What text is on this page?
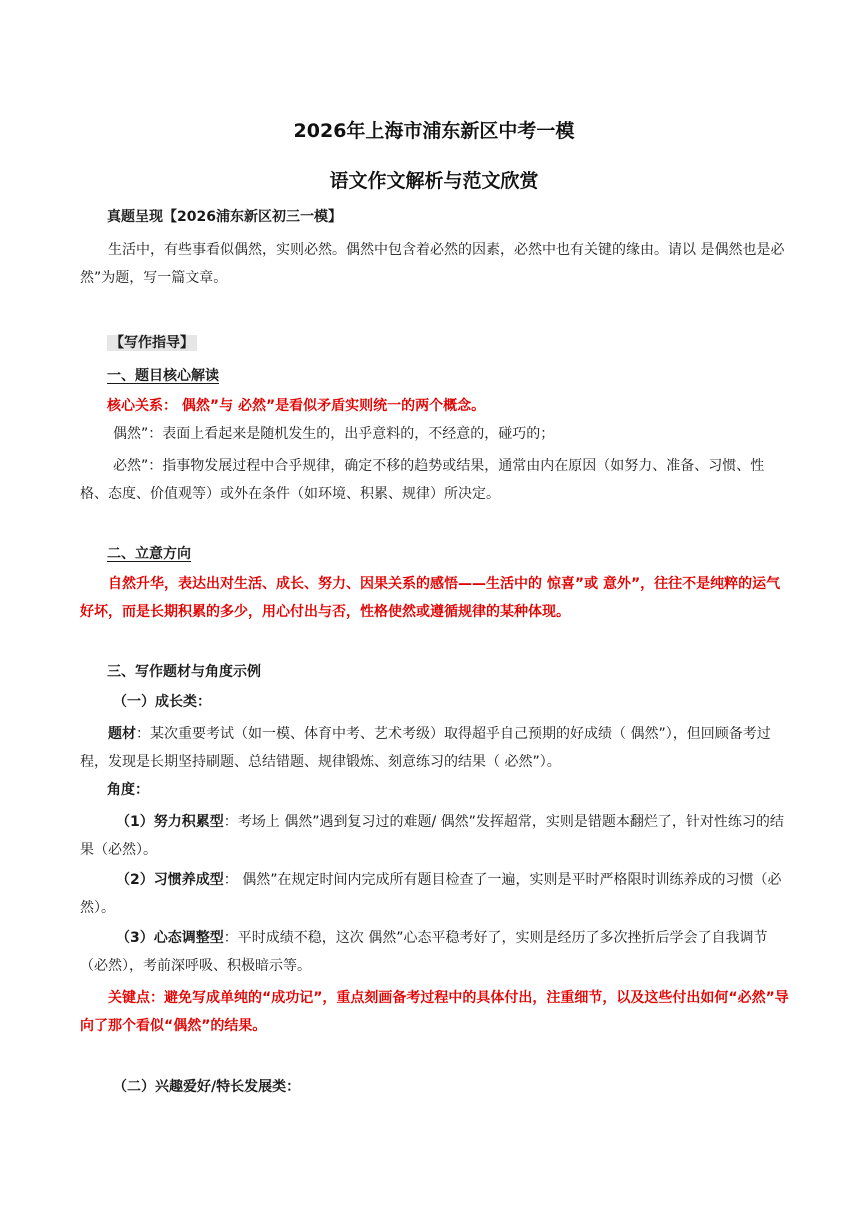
2026年上海市浦东新区中考一模
语文作文解析与范文欣赏
真题呈现【2026浦东新区初三一模】
生活中，有些事看似偶然，实则必然。偶然中包含着必然的因素，必然中也有关键的缘由。请以 是偶然也是必然”为题，写一篇文章。
【写作指导】
一、题目核心解读
核心关系： 偶然”与 必然”是看似矛盾实则统一的两个概念。
偶然”：表面上看起来是随机发生的，出乎意料的，不经意的，碰巧的；
必然”：指事物发展过程中合乎规律，确定不移的趋势或结果，通常由内在原因（如努力、准备、习惯、性格、态度、价值观等）或外在条件（如环境、积累、规律）所决定。
二、立意方向
自然升华，表达出对生活、成长、努力、因果关系的感悟——生活中的 惊喜”或 意外”，往往不是纯粹的运气好坏，而是长期积累的多少，用心付出与否，性格使然或遵循规律的某种体现。
三、写作题材与角度示例
（一）成长类：
题材：某次重要考试（如一模、体育中考、艺术考级）取得超乎自己预期的好成绩（ 偶然”），但回顾备考过程，发现是长期坚持刷题、总结错题、规律锻炼、刻意练习的结果（ 必然”）。
角度：
（1）努力积累型：考场上 偶然”遇到复习过的难题/ 偶然”发挥超常，实则是错题本翻烂了，针对性练习的结果（必然）。
（2）习惯养成型： 偶然”在规定时间内完成所有题目检查了一遍，实则是平时严格限时训练养成的习惯（必然）。
（3）心态调整型：平时成绩不稳，这次 偶然”心态平稳考好了，实则是经历了多次挫折后学会了自我调节（必然），考前深呼吸、积极暗示等。
关键点：避免写成单纯的“成功记”，重点刻画备考过程中的具体付出，注重细节，以及这些付出如何“必然”导向了那个看似“偶然”的结果。
（二）兴趣爱好/特长发展类：
